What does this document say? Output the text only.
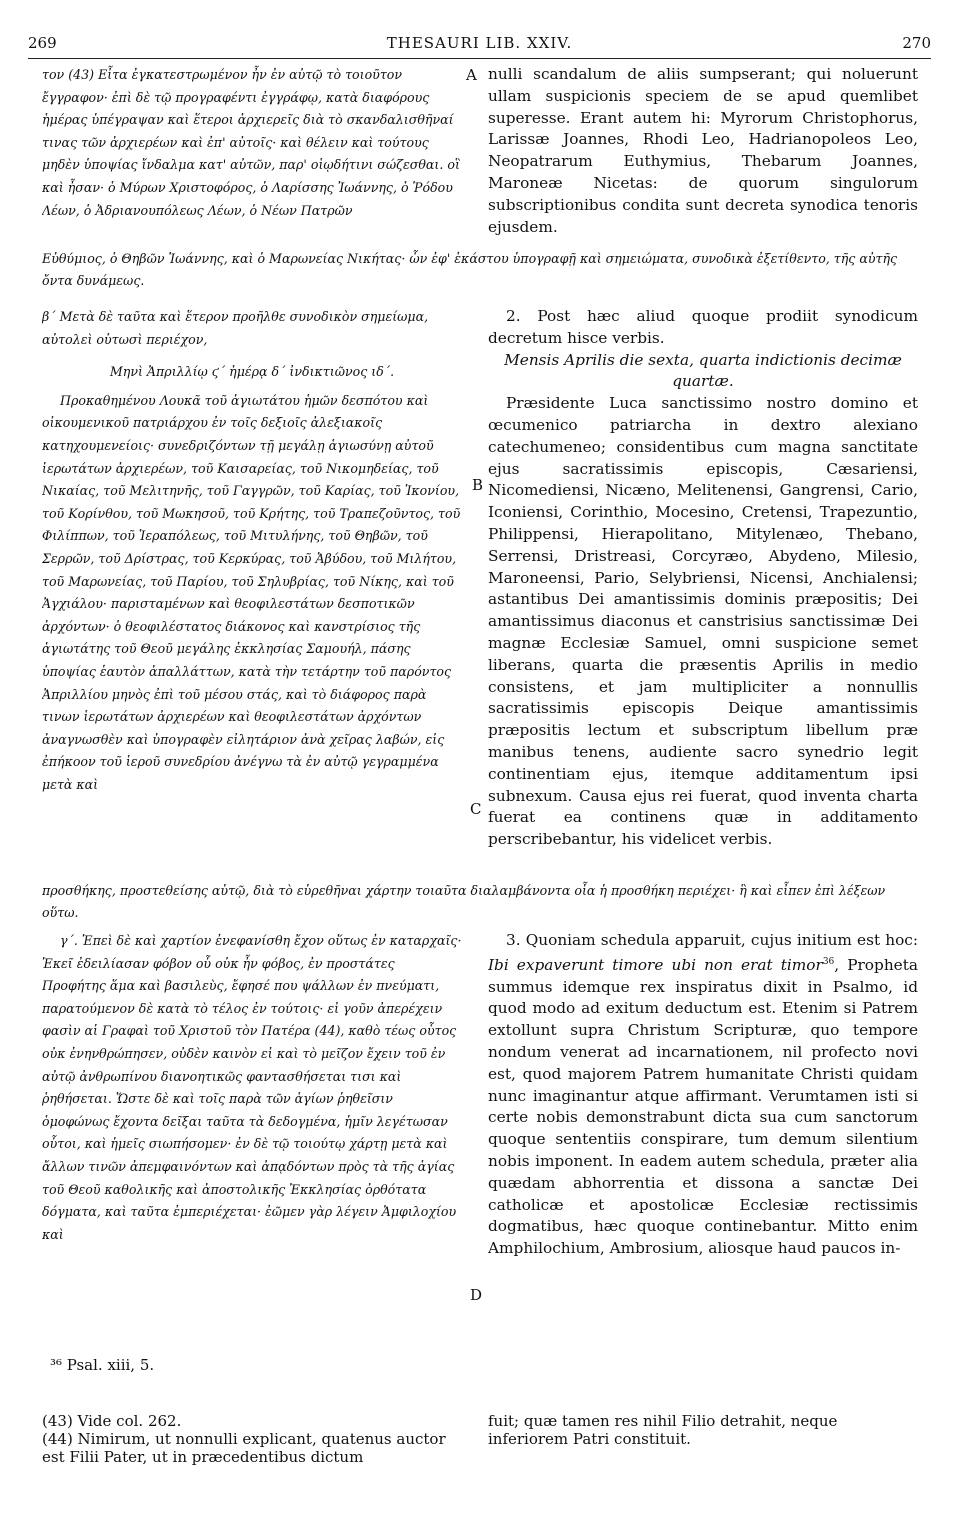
269	THESAURI LIB. XXIV.	270

τον (43) Εἶτα ἐγκατεστρωμένον ἦν ἐν αὐτῷ τὸ τοιοῦτον ἔγγραφον· ἐπὶ δὲ τῷ προγραφέντι ἐγγράφῳ, κατὰ διαφόρους ἡμέρας ὑπέγραψαν καὶ ἕτεροι ἀρχιερεῖς διὰ τὸ σκανδαλισθῆναί τινας τῶν ἀρχιερέων καὶ ἐπ' αὐτοῖς· καὶ θέλειν καὶ τούτους μηδὲν ὑποψίας ἴνδαλμα κατ' αὐτῶν, παρ' οἱῳδήτινι σώζεσθαι. οἳ καὶ ἦσαν· ὁ Μύρων Χριστοφόρος, ὁ Λαρίσσης Ἰωάννης, ὁ Ῥόδου Λέων, ὁ Ἀδριανουπόλεως Λέων, ὁ Νέων Πατρῶν

A nulli scandalum de aliis sumpserant; qui noluerunt ullam suspicionis speciem de se apud quemlibet superesse. Erant autem hi: Myrorum Christophorus, Larissæ Joannes, Rhodi Leo, Hadrianopoleos Leo, Neopatrarum Euthymius, Thebarum Joannes, Maroneæ Nicetas: de quorum singulorum subscriptionibus condita sunt decreta synodica tenoris ejusdem.

Εὐθύμιος, ὁ Θηβῶν Ἰωάννης, καὶ ὁ Μαρωνείας Νικήτας· ὧν ἐφ' ἑκάστου ὑπογραφῇ καὶ σημειώματα, συνοδικὰ ἐξετίθεντο, τῆς αὐτῆς ὄντα δυνάμεως.

β΄ Μετὰ δὲ ταῦτα καὶ ἕτερον προῆλθε συνοδικὸν σημείωμα, αὐτολεὶ οὑτωσὶ περιέχον,

Μηνὶ Ἀπριλλίῳ ϛ΄ ἡμέρᾳ δ΄ ἰνδικτιῶνος ιδ΄.

Προκαθημένου Λουκᾶ τοῦ ἁγιωτάτου ἡμῶν δεσπότου καὶ οἰκουμενικοῦ πατριάρχου ἐν τοῖς δεξιοῖς ἀλεξιακοῖς κατηχουμενείοις· συνεδριζόντων τῇ μεγάλῃ ἁγιωσύνῃ αὐτοῦ ἱερωτάτων ἀρχιερέων, τοῦ Καισαρείας, τοῦ Νικομηδείας, τοῦ Νικαίας, τοῦ Μελιτηνῆς, τοῦ Γαγγρῶν, τοῦ Καρίας, τοῦ Ἰκονίου, τοῦ Κορίνθου, τοῦ Μωκησοῦ, τοῦ Κρήτης, τοῦ Τραπεζοῦντος, τοῦ Φιλίππων, τοῦ Ἱεραπόλεως, τοῦ Μιτυλήνης, τοῦ Θηβῶν, τοῦ Σερρῶν, τοῦ Δρίστρας, τοῦ Κερκύρας, τοῦ Ἀβύδου, τοῦ Μιλήτου, τοῦ Μαρωνείας, τοῦ Παρίου, τοῦ Σηλυβρίας, τοῦ Νίκης, καὶ τοῦ Ἀγχιάλου· παρισταμένων καὶ θεοφιλεστάτων δεσποτικῶν ἀρχόντων· ὁ θεοφιλέστατος διάκονος καὶ κανστρίσιος τῆς ἁγιωτάτης τοῦ Θεοῦ μεγάλης ἐκκλησίας Σαμουήλ, πάσης ὑποψίας ἑαυτὸν ἀπαλλάττων, κατὰ τὴν τετάρτην τοῦ παρόντος Ἀπριλλίου μηνὸς ἐπὶ τοῦ μέσου στάς, καὶ τὸ διάφορος παρὰ τινων ἱερωτάτων ἀρχιερέων καὶ θεοφιλεστάτων ἀρχόντων ἀναγνωσθὲν καὶ ὑπογραφὲν εἰλητάριον ἀνὰ χεῖρας λαβών, εἰς ἐπήκοον τοῦ ἱεροῦ συνεδρίου ἀνέγνω τὰ ἐν αὐτῷ γεγραμμένα μετὰ καὶ

B
C

2. Post hæc aliud quoque prodiit synodicum decretum hisce verbis.

Mensis Aprilis die sexta, quarta indictionis decimæ quartæ.

Præsidente Luca sanctissimo nostro domino et œcumenico patriarcha in dextro alexiano catechumeneo; considentibus cum magna sanctitate ejus sacratissimis episcopis, Cæsariensi, Nicomediensi, Nicæno, Melitenensi, Gangrensi, Cario, Iconiensi, Corinthio, Mocesino, Cretensi, Trapezuntio, Philippensi, Hierapolitano, Mitylenæo, Thebano, Serrensi, Dristreasi, Corcyræo, Abydeno, Milesio, Maroneensi, Pario, Selybriensi, Nicensi, Anchialensi; astantibus Dei amantissimis dominis præpositis; Dei amantissimus diaconus et canstrisius sanctissimæ Dei magnæ Ecclesiæ Samuel, omni suspicione semet liberans, quarta die præsentis Aprilis in medio consistens, et jam multipliciter a nonnullis sacratissimis episcopis Deique amantissimis præpositis lectum et subscriptum libellum præ manibus tenens, audiente sacro synedrio legit continentiam ejus, itemque additamentum ipsi subnexum. Causa ejus rei fuerat, quod inventa charta fuerat ea continens quæ in additamento perscribebantur, his videlicet verbis.

προσθήκης, προστεθείσης αὐτῷ, διὰ τὸ εὑρεθῆναι χάρτην τοιαῦτα διαλαμβάνοντα οἷα ἡ προσθήκη περιέχει· ἣ καὶ εἶπεν ἐπὶ λέξεων οὕτω.

γ΄. Ἐπεὶ δὲ καὶ χαρτίον ἐνεφανίσθη ἔχον οὕτως ἐν καταρχαῖς· Ἐκεῖ ἐδειλίασαν φόβον οὗ οὐκ ἦν φόβος, ἐν προστάτες Προφήτης ἅμα καὶ βασιλεὺς, ἔφησέ που ψάλλων ἐν πνεύματι, παρατούμενον δὲ κατὰ τὸ τέλος ἐν τούτοις· εἰ γοῦν ἀπερέχειν φασὶν αἱ Γραφαὶ τοῦ Χριστοῦ τὸν Πατέρα (44), καθὸ τέως οὗτος οὐκ ἐνηνθρώπησεν, οὐδὲν καινὸν εἰ καὶ τὸ μεῖζον ἔχειν τοῦ ἐν αὐτῷ ἀνθρωπίνου διανοητικῶς φαντασθήσεται τισι καὶ ῥηθήσεται. Ὥστε δὲ καὶ τοῖς παρὰ τῶν ἁγίων ῥηθεῖσιν ὁμοφώνως ἔχοντα δεῖξαι ταῦτα τὰ δεδογμένα, ἡμῖν λεγέτωσαν οὗτοι, καὶ ἡμεῖς σιωπήσομεν· ἐν δὲ τῷ τοιούτῳ χάρτῃ μετὰ καὶ ἄλλων τινῶν ἀπεμφαινόντων καὶ ἀπᾳδόντων πρὸς τὰ τῆς ἁγίας τοῦ Θεοῦ καθολικῆς καὶ ἀποστολικῆς Ἐκκλησίας ὀρθότατα δόγματα, καὶ ταῦτα ἐμπεριέχεται· ἐῶμεν γὰρ λέγειν Ἀμφιλοχίου καὶ

D

3. Quoniam schedula apparuit, cujus initium est hoc: Ibi expaverunt timore ubi non erat timor$^{36}$, Propheta summus idemque rex inspiratus dixit in Psalmo, id quod modo ad exitum deductum est. Etenim si Patrem extollunt supra Christum Scripturæ, quo tempore nondum venerat ad incarnationem, nil profecto novi est, quod majorem Patrem humanitate Christi quidam nunc imaginantur atque affirmant. Verumtamen isti si certe nobis demonstrabunt dicta sua cum sanctorum quoque sententiis conspirare, tum demum silentium nobis imponent. In eadem autem schedula, præter alia quædam abhorrentia et dissona a sanctæ Dei catholicæ et apostolicæ Ecclesiæ rectissimis dogmatibus, hæc quoque continebantur. Mitto enim Amphilochium, Ambrosium, aliosque haud paucos in-

³⁶ Psal. xiii, 5.
(43) Vide col. 262.
(44) Nimirum, ut nonnulli explicant, quatenus auctor est Filii Pater, ut in præcedentibus dictum
fuit; quæ tamen res nihil Filio detrahit, neque inferiorem Patri constituit.
